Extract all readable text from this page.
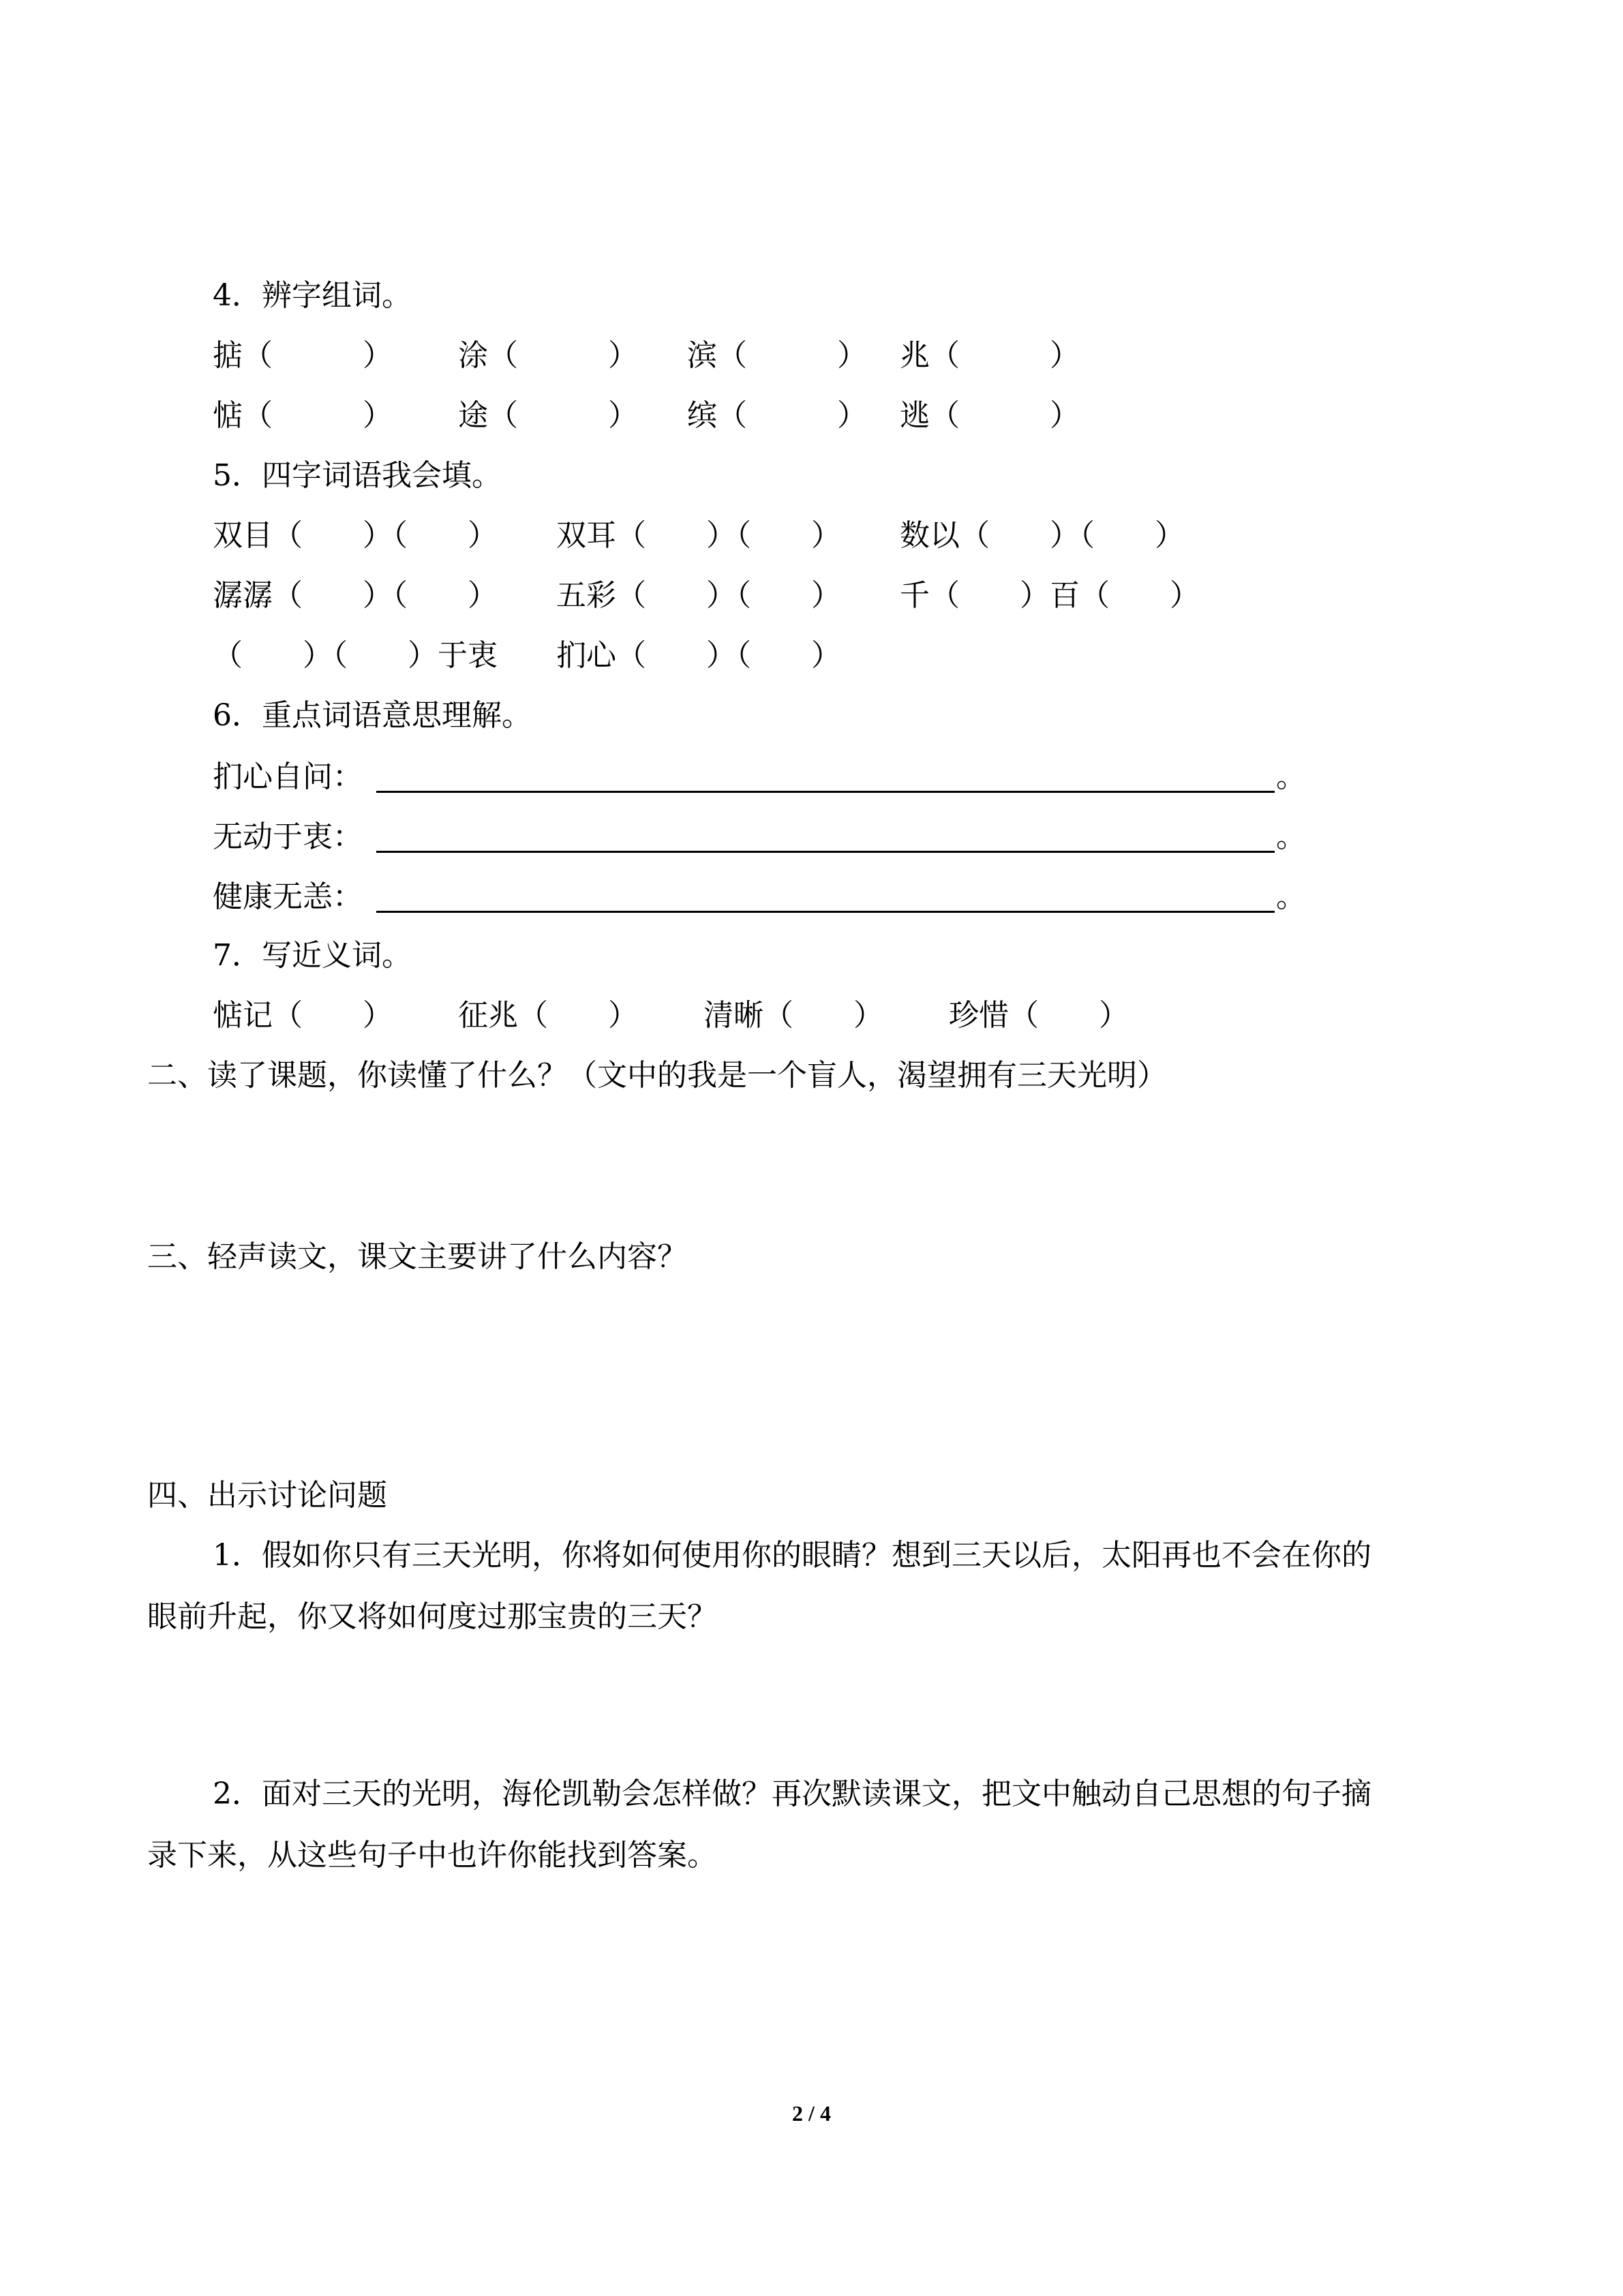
4．辨字组词。
掂（　　　） 涂（　　　） 滨（　　　） 兆（　　　）
惦（　　　） 途（　　　） 缤（　　　） 逃（　　　）
5．四字词语我会填。
双目（　　）（　　） 双耳（　　）（　　） 数以（　　）（　　）
潺潺（　　）（　　） 五彩（　　）（　　） 千（　　）百（　　）
（　　）（　　）于衷 扪心（　　）（　　）
6．重点词语意思理解。
扪心自问：	。
无动于衷：	。
健康无恙：	。
7．写近义词。
惦记（　　） 征兆（　　） 清晰（　　） 珍惜（　　）
二、读了课题，你读懂了什么？（文中的我是一个盲人，渴望拥有三天光明）
三、轻声读文，课文主要讲了什么内容？
四、出示讨论问题
1．假如你只有三天光明，你将如何使用你的眼睛？想到三天以后，太阳再也不会在你的
眼前升起，你又将如何度过那宝贵的三天？
2．面对三天的光明，海伦凯勒会怎样做？再次默读课文，把文中触动自己思想的句子摘
录下来，从这些句子中也许你能找到答案。
2 / 4
